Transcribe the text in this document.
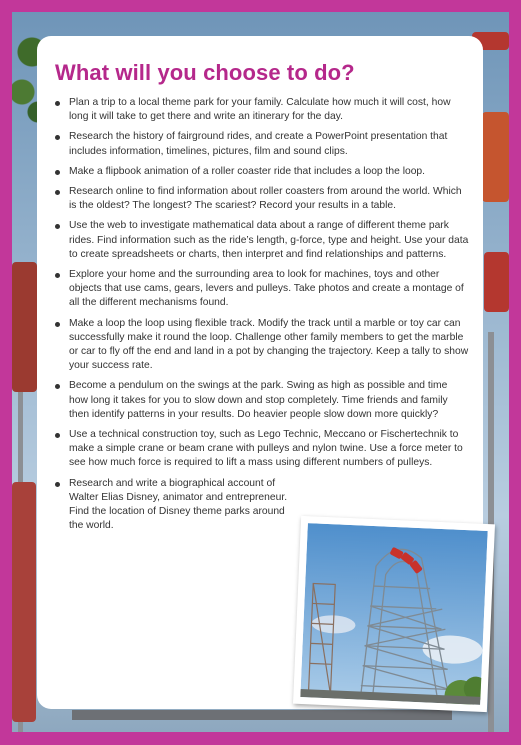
What will you choose to do?
Plan a trip to a local theme park for your family. Calculate how much it will cost, how long it will take to get there and write an itinerary for the day.
Research the history of fairground rides, and create a PowerPoint presentation that includes information, timelines, pictures, film and sound clips.
Make a flipbook animation of a roller coaster ride that includes a loop the loop.
Research online to find information about roller coasters from around the world. Which is the oldest? The longest? The scariest? Record your results in a table.
Use the web to investigate mathematical data about a range of different theme park rides. Find information such as the ride’s length, g-force, type and height. Use your data to create spreadsheets or charts, then interpret and find relationships and patterns.
Explore your home and the surrounding area to look for machines, toys and other objects that use cams, gears, levers and pulleys. Take photos and create a montage of all the different mechanisms found.
Make a loop the loop using flexible track. Modify the track until a marble or toy car can successfully make it round the loop. Challenge other family members to get the marble or car to fly off the end and land in a pot by changing the trajectory. Keep a tally to show your success rate.
Become a pendulum on the swings at the park. Swing as high as possible and time how long it takes for you to slow down and stop completely. Time friends and family then identify patterns in your results. Do heavier people slow down more quickly?
Use a technical construction toy, such as Lego Technic, Meccano or Fischertechnik to make a simple crane or beam crane with pulleys and nylon twine. Use a force meter to see how much force is required to lift a mass using different numbers of pulleys.
Research and write a biographical account of Walter Elias Disney, animator and entrepreneur. Find the location of Disney theme parks around the world.
